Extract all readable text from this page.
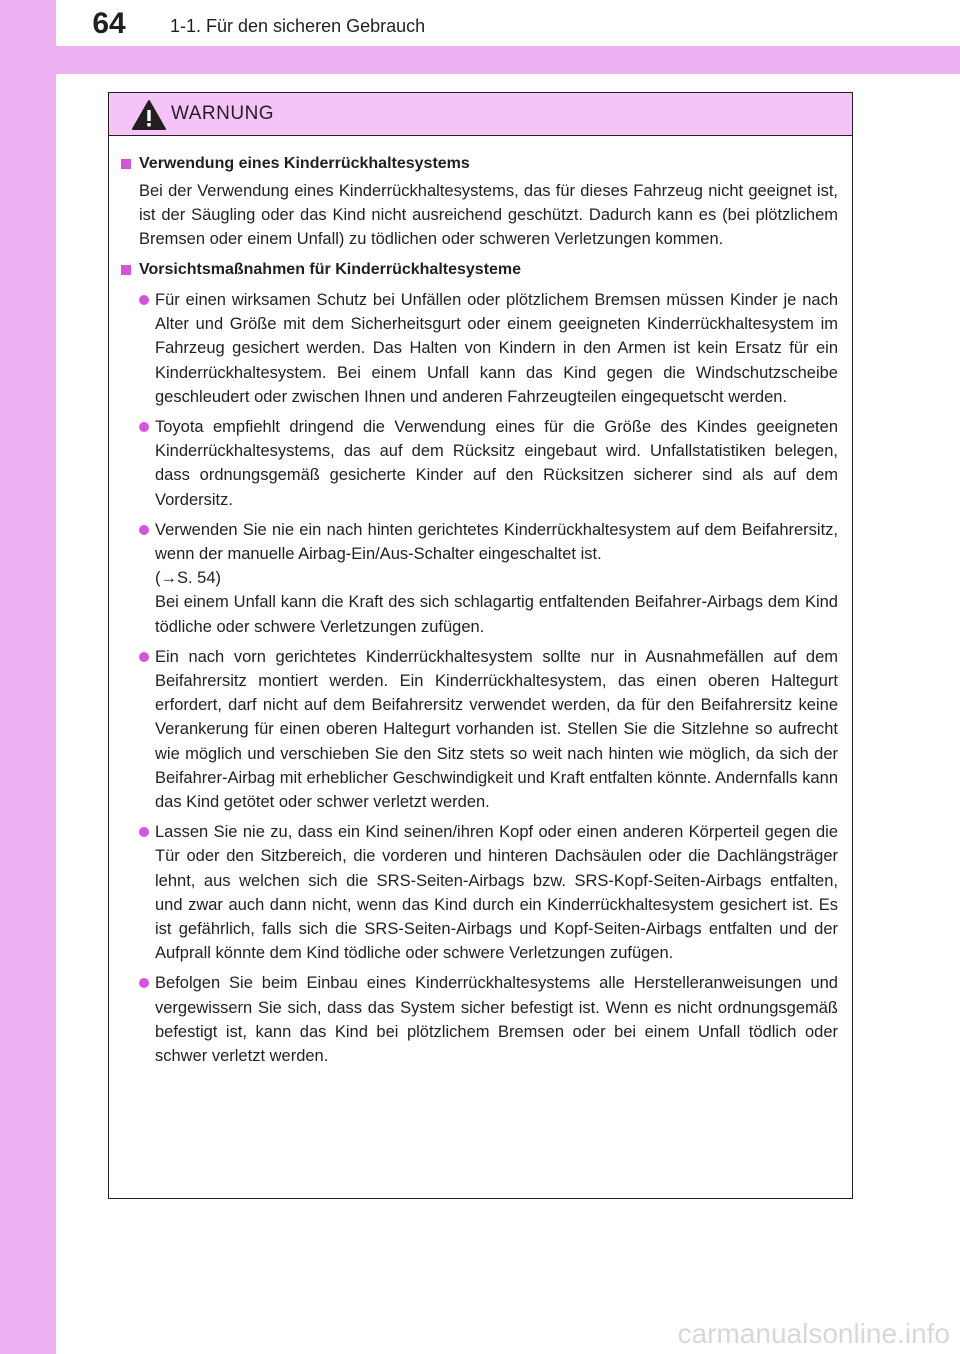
64	1-1. Für den sicheren Gebrauch
WARNUNG
Verwendung eines Kinderrückhaltesystems
Bei der Verwendung eines Kinderrückhaltesystems, das für dieses Fahrzeug nicht geeignet ist, ist der Säugling oder das Kind nicht ausreichend geschützt. Dadurch kann es (bei plötzlichem Bremsen oder einem Unfall) zu tödlichen oder schweren Verletzungen kommen.
Vorsichtsmaßnahmen für Kinderrückhaltesysteme
Für einen wirksamen Schutz bei Unfällen oder plötzlichem Bremsen müssen Kinder je nach Alter und Größe mit dem Sicherheitsgurt oder einem geeigneten Kinderrückhaltesystem im Fahrzeug gesichert werden. Das Halten von Kindern in den Armen ist kein Ersatz für ein Kinderrückhaltesystem. Bei einem Unfall kann das Kind gegen die Windschutzscheibe geschleudert oder zwischen Ihnen und anderen Fahrzeugteilen eingequetscht werden.
Toyota empfiehlt dringend die Verwendung eines für die Größe des Kindes geeigneten Kinderrückhaltesystems, das auf dem Rücksitz eingebaut wird. Unfallstatistiken belegen, dass ordnungsgemäß gesicherte Kinder auf den Rücksitzen sicherer sind als auf dem Vordersitz.
Verwenden Sie nie ein nach hinten gerichtetes Kinderrückhaltesystem auf dem Beifahrersitz, wenn der manuelle Airbag-Ein/Aus-Schalter eingeschaltet ist.
(→S. 54)
Bei einem Unfall kann die Kraft des sich schlagartig entfaltenden Beifahrer-Airbags dem Kind tödliche oder schwere Verletzungen zufügen.
Ein nach vorn gerichtetes Kinderrückhaltesystem sollte nur in Ausnahmefällen auf dem Beifahrersitz montiert werden. Ein Kinderrückhaltesystem, das einen oberen Haltegurt erfordert, darf nicht auf dem Beifahrersitz verwendet werden, da für den Beifahrersitz keine Verankerung für einen oberen Haltegurt vorhanden ist. Stellen Sie die Sitzlehne so aufrecht wie möglich und verschieben Sie den Sitz stets so weit nach hinten wie möglich, da sich der Beifahrer-Airbag mit erheblicher Geschwindigkeit und Kraft entfalten könnte. Andernfalls kann das Kind getötet oder schwer verletzt werden.
Lassen Sie nie zu, dass ein Kind seinen/ihren Kopf oder einen anderen Körperteil gegen die Tür oder den Sitzbereich, die vorderen und hinteren Dachsäulen oder die Dachlängsträger lehnt, aus welchen sich die SRS-Seiten-Airbags bzw. SRS-Kopf-Seiten-Airbags entfalten, und zwar auch dann nicht, wenn das Kind durch ein Kinderrückhaltesystem gesichert ist. Es ist gefährlich, falls sich die SRS-Seiten-Airbags und Kopf-Seiten-Airbags entfalten und der Aufprall könnte dem Kind tödliche oder schwere Verletzungen zufügen.
Befolgen Sie beim Einbau eines Kinderrückhaltesystems alle Herstelleranweisungen und vergewissern Sie sich, dass das System sicher befestigt ist. Wenn es nicht ordnungsgemäß befestigt ist, kann das Kind bei plötzlichem Bremsen oder bei einem Unfall tödlich oder schwer verletzt werden.
carmanualsonline.info
